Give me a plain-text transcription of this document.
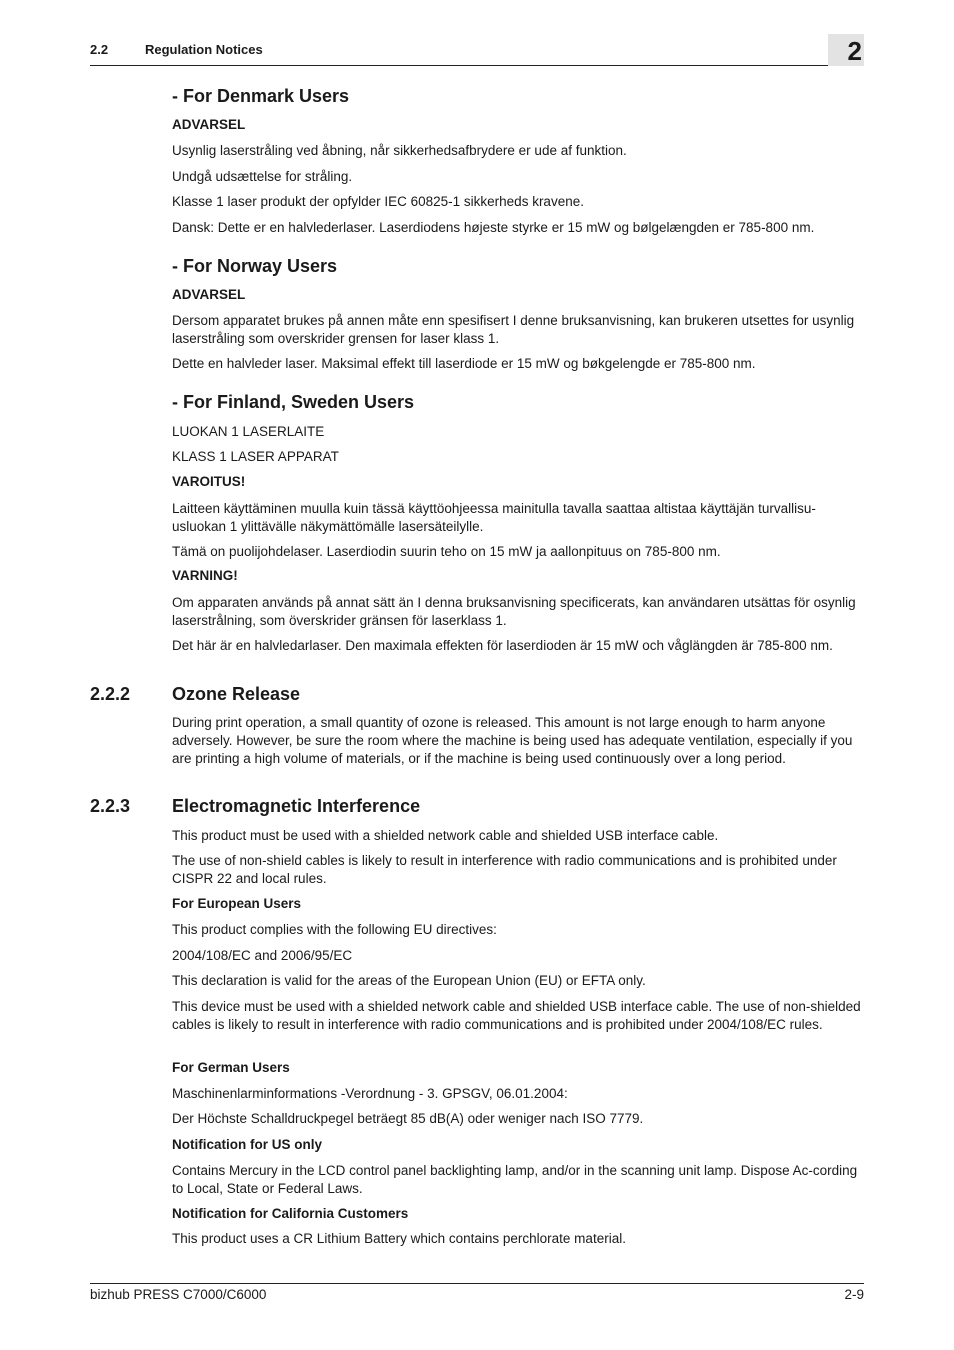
2.2	Regulation Notices	2
- For Denmark Users
ADVARSEL
Usynlig laserstråling ved åbning, når sikkerhedsafbrydere er ude af funktion.
Undgå udsættelse for stråling.
Klasse 1 laser produkt der opfylder IEC 60825-1 sikkerheds kravene.
Dansk: Dette er en halvlederlaser. Laserdiodens højeste styrke er 15 mW og bølgelængden er 785-800 nm.
- For Norway Users
ADVARSEL
Dersom apparatet brukes på annen måte enn spesifisert I denne bruksanvisning, kan brukeren utsettes for usynlig laserstråling som overskrider grensen for laser klass 1.
Dette en halvleder laser. Maksimal effekt till laserdiode er 15 mW og bøkgelengde er 785-800 nm.
- For Finland, Sweden Users
LUOKAN 1 LASERLAITE
KLASS 1 LASER APPARAT
VAROITUS!
Laitteen käyttäminen muulla kuin tässä käyttöohjeessa mainitulla tavalla saattaa altistaa käyttäjän turvallisu-usluokan 1 ylittävälle näkymättömälle lasersäteilylle.
Tämä on puolijohdelaser. Laserdiodin suurin teho on 15 mW ja aallonpituus on 785-800 nm.
VARNING!
Om apparaten används på annat sätt än I denna bruksanvisning specificerats, kan användaren utsättas för osynlig laserstrålning, som överskrider gränsen för laserklass 1.
Det här är en halvledarlaser. Den maximala effekten för laserdioden är 15 mW och våglängden är 785-800 nm.
2.2.2 Ozone Release
During print operation, a small quantity of ozone is released. This amount is not large enough to harm anyone adversely. However, be sure the room where the machine is being used has adequate ventilation, especially if you are printing a high volume of materials, or if the machine is being used continuously over a long period.
2.2.3 Electromagnetic Interference
This product must be used with a shielded network cable and shielded USB interface cable.
The use of non-shield cables is likely to result in interference with radio communications and is prohibited under CISPR 22 and local rules.
For European Users
This product complies with the following EU directives:
2004/108/EC and 2006/95/EC
This declaration is valid for the areas of the European Union (EU) or EFTA only.
This device must be used with a shielded network cable and shielded USB interface cable. The use of non-shielded cables is likely to result in interference with radio communications and is prohibited under 2004/108/EC rules.
For German Users
Maschinenlarminformations -Verordnung - 3. GPSGV, 06.01.2004:
Der Höchste Schalldruckpegel beträegt 85 dB(A) oder weniger nach ISO 7779.
Notification for US only
Contains Mercury in the LCD control panel backlighting lamp, and/or in the scanning unit lamp. Dispose Ac-cording to Local, State or Federal Laws.
Notification for California Customers
This product uses a CR Lithium Battery which contains perchlorate material.
bizhub PRESS C7000/C6000	2-9
